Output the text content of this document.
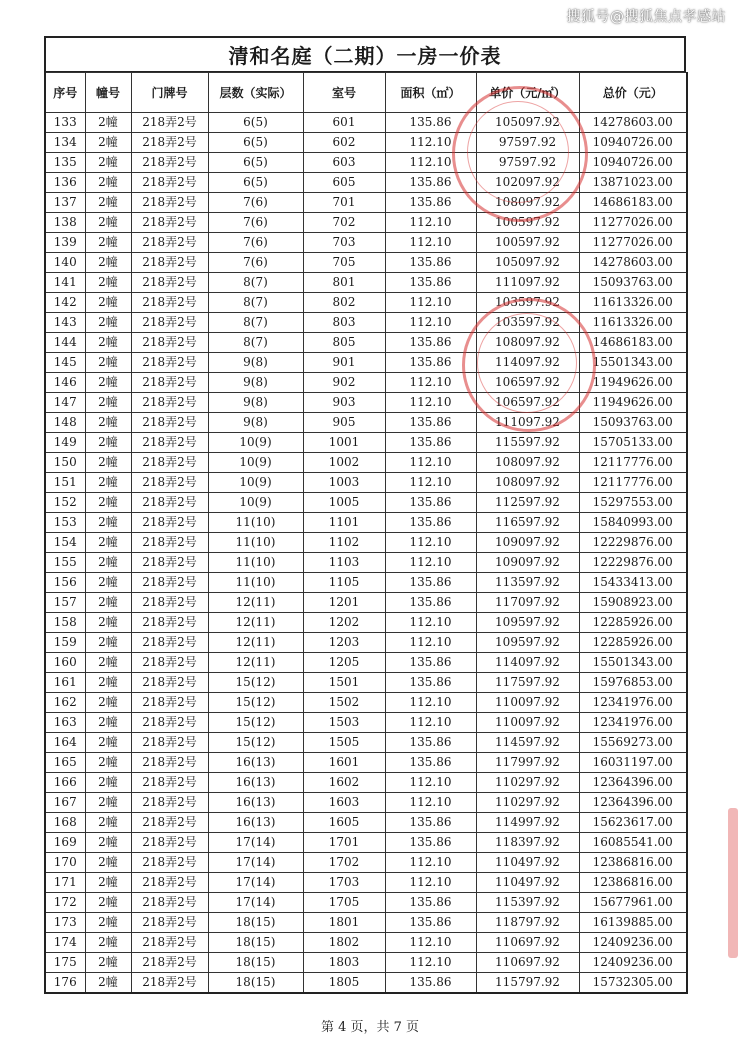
搜狐号@搜狐焦点孝感站
清和名庭（二期）一房一价表
序号	幢号	门牌号	层数（实际）	室号	面积（㎡）	单价（元/㎡）	总价（元）
133	2幢	218弄2号	6(5)	601	135.86	105097.92	14278603.00
134	2幢	218弄2号	6(5)	602	112.10	97597.92	10940726.00
135	2幢	218弄2号	6(5)	603	112.10	97597.92	10940726.00
136	2幢	218弄2号	6(5)	605	135.86	102097.92	13871023.00
137	2幢	218弄2号	7(6)	701	135.86	108097.92	14686183.00
138	2幢	218弄2号	7(6)	702	112.10	100597.92	11277026.00
139	2幢	218弄2号	7(6)	703	112.10	100597.92	11277026.00
140	2幢	218弄2号	7(6)	705	135.86	105097.92	14278603.00
141	2幢	218弄2号	8(7)	801	135.86	111097.92	15093763.00
142	2幢	218弄2号	8(7)	802	112.10	103597.92	11613326.00
143	2幢	218弄2号	8(7)	803	112.10	103597.92	11613326.00
144	2幢	218弄2号	8(7)	805	135.86	108097.92	14686183.00
145	2幢	218弄2号	9(8)	901	135.86	114097.92	15501343.00
146	2幢	218弄2号	9(8)	902	112.10	106597.92	11949626.00
147	2幢	218弄2号	9(8)	903	112.10	106597.92	11949626.00
148	2幢	218弄2号	9(8)	905	135.86	111097.92	15093763.00
149	2幢	218弄2号	10(9)	1001	135.86	115597.92	15705133.00
150	2幢	218弄2号	10(9)	1002	112.10	108097.92	12117776.00
151	2幢	218弄2号	10(9)	1003	112.10	108097.92	12117776.00
152	2幢	218弄2号	10(9)	1005	135.86	112597.92	15297553.00
153	2幢	218弄2号	11(10)	1101	135.86	116597.92	15840993.00
154	2幢	218弄2号	11(10)	1102	112.10	109097.92	12229876.00
155	2幢	218弄2号	11(10)	1103	112.10	109097.92	12229876.00
156	2幢	218弄2号	11(10)	1105	135.86	113597.92	15433413.00
157	2幢	218弄2号	12(11)	1201	135.86	117097.92	15908923.00
158	2幢	218弄2号	12(11)	1202	112.10	109597.92	12285926.00
159	2幢	218弄2号	12(11)	1203	112.10	109597.92	12285926.00
160	2幢	218弄2号	12(11)	1205	135.86	114097.92	15501343.00
161	2幢	218弄2号	15(12)	1501	135.86	117597.92	15976853.00
162	2幢	218弄2号	15(12)	1502	112.10	110097.92	12341976.00
163	2幢	218弄2号	15(12)	1503	112.10	110097.92	12341976.00
164	2幢	218弄2号	15(12)	1505	135.86	114597.92	15569273.00
165	2幢	218弄2号	16(13)	1601	135.86	117997.92	16031197.00
166	2幢	218弄2号	16(13)	1602	112.10	110297.92	12364396.00
167	2幢	218弄2号	16(13)	1603	112.10	110297.92	12364396.00
168	2幢	218弄2号	16(13)	1605	135.86	114997.92	15623617.00
169	2幢	218弄2号	17(14)	1701	135.86	118397.92	16085541.00
170	2幢	218弄2号	17(14)	1702	112.10	110497.92	12386816.00
171	2幢	218弄2号	17(14)	1703	112.10	110497.92	12386816.00
172	2幢	218弄2号	17(14)	1705	135.86	115397.92	15677961.00
173	2幢	218弄2号	18(15)	1801	135.86	118797.92	16139885.00
174	2幢	218弄2号	18(15)	1802	112.10	110697.92	12409236.00
175	2幢	218弄2号	18(15)	1803	112.10	110697.92	12409236.00
176	2幢	218弄2号	18(15)	1805	135.86	115797.92	15732305.00
第 4 页，共 7 页
